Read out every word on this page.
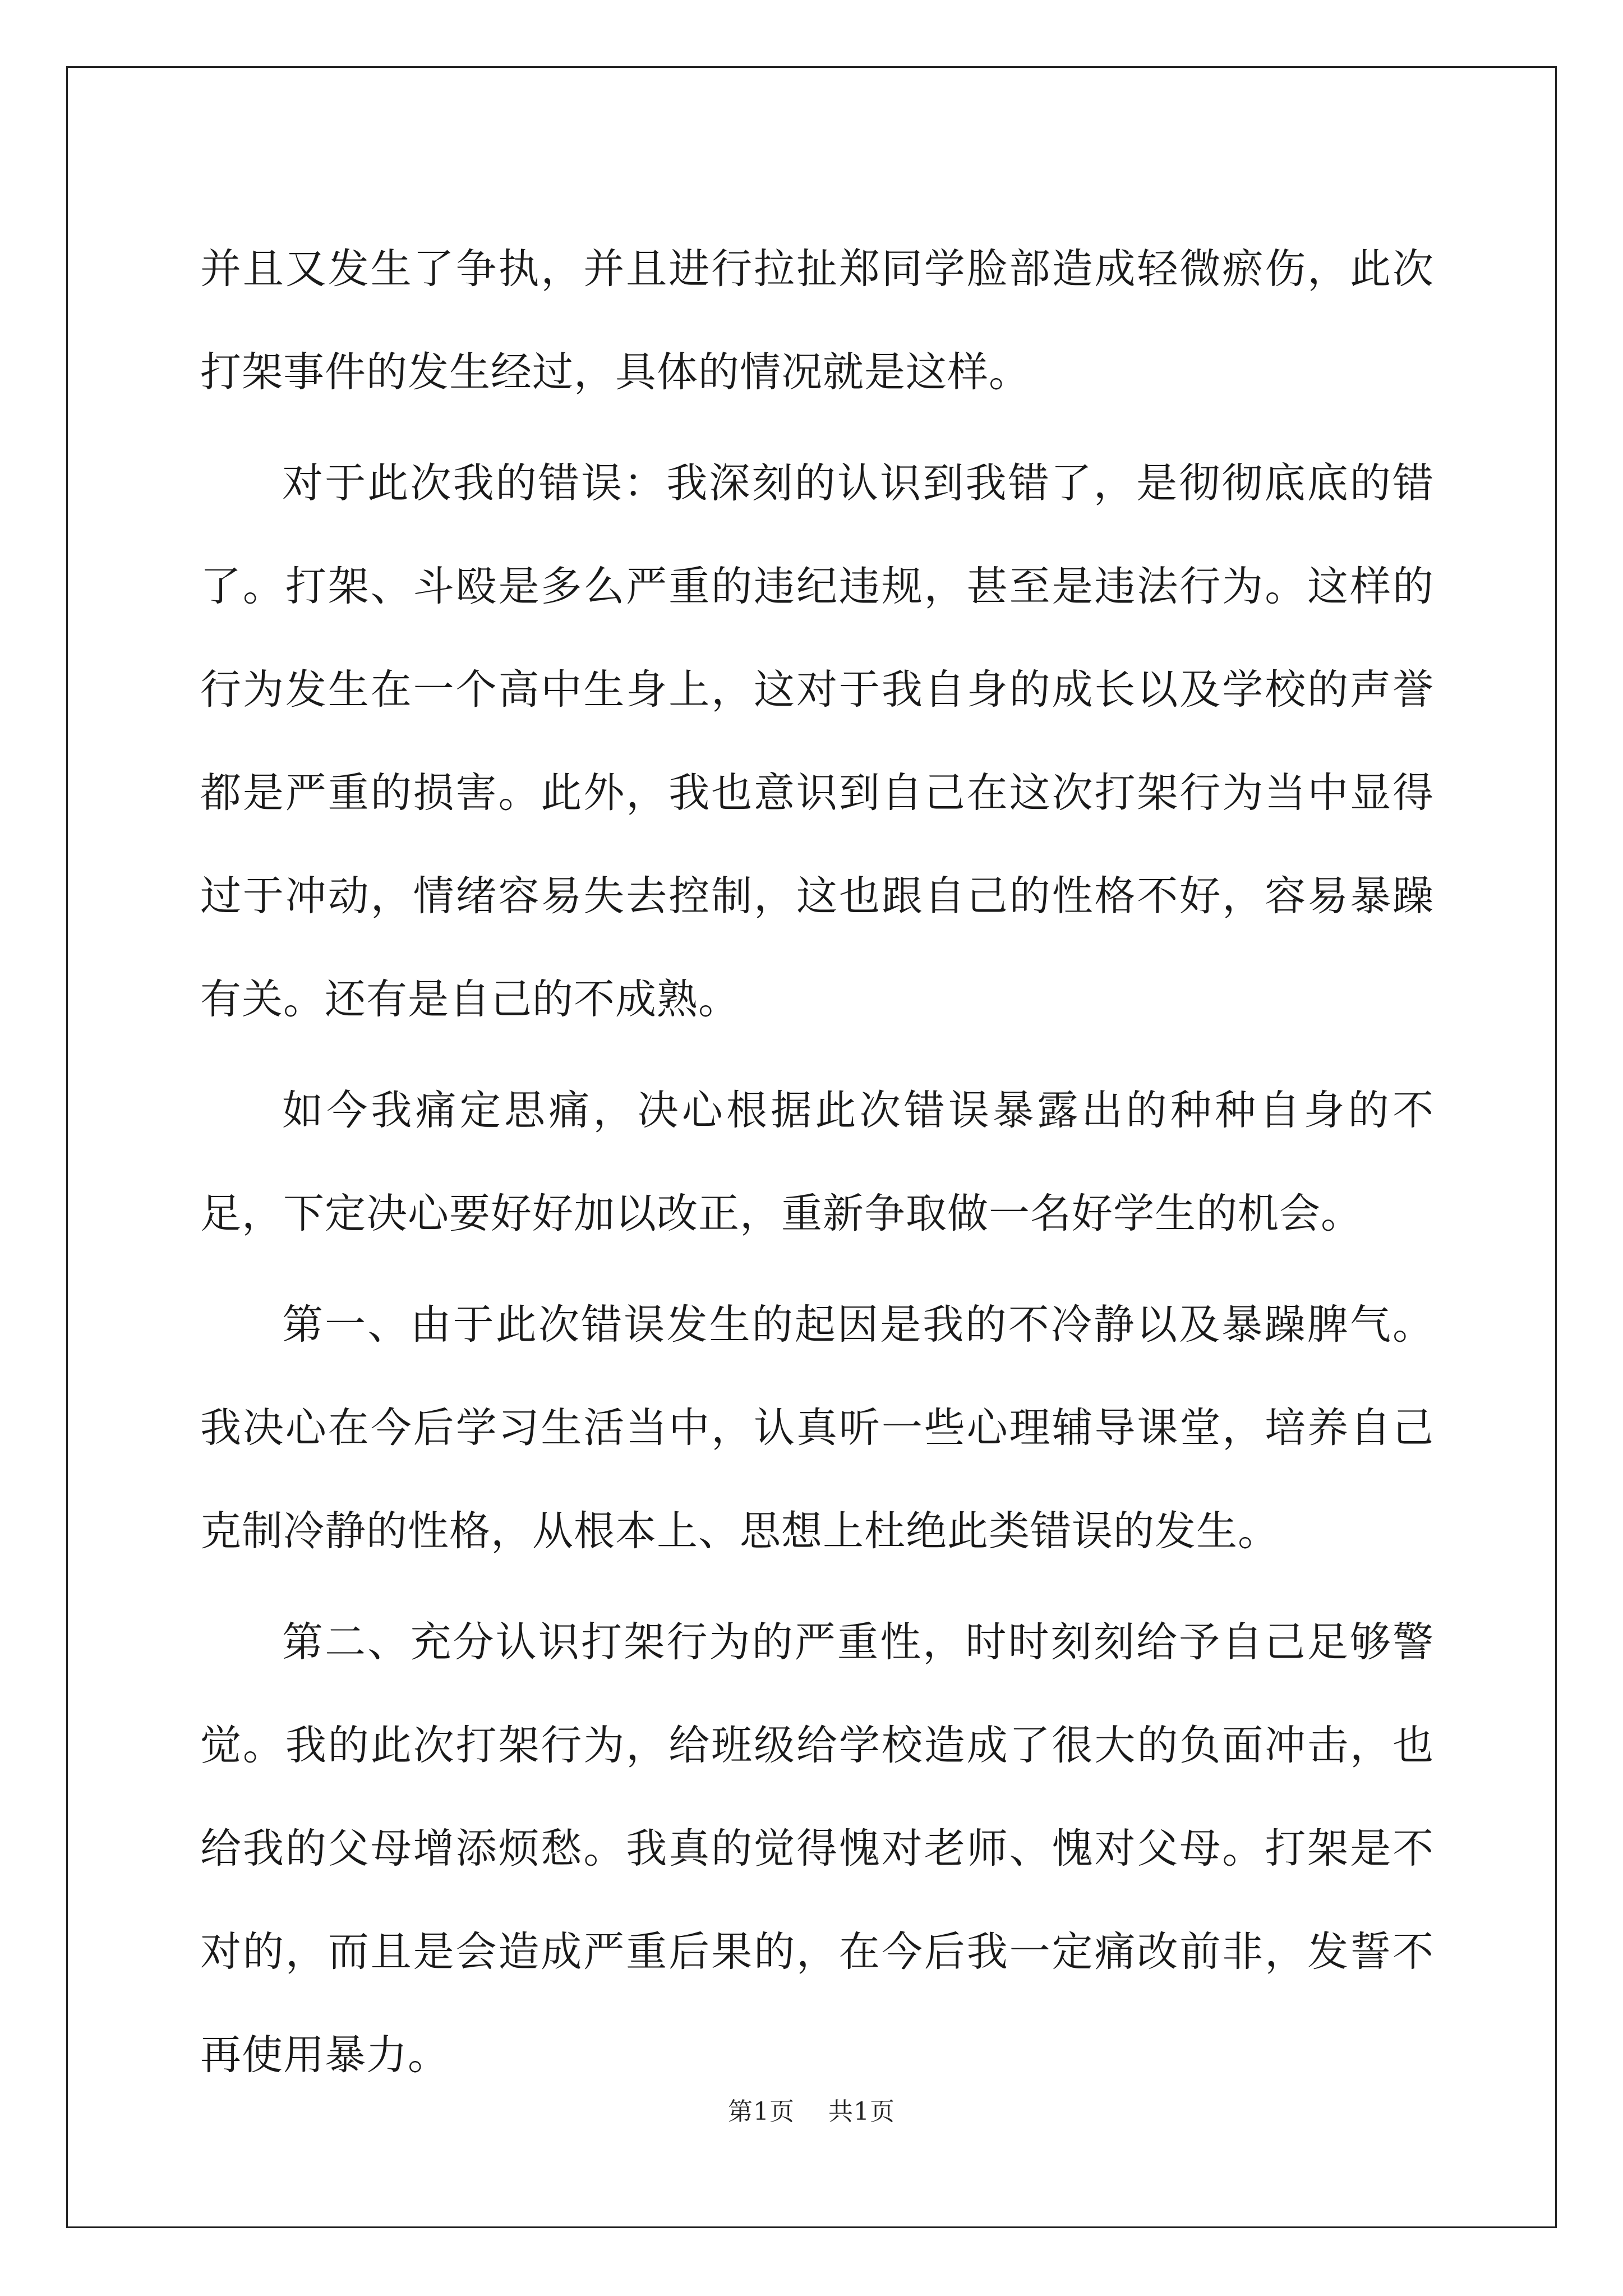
并且又发生了争执，并且进行拉扯郑同学脸部造成轻微瘀伤，此次打架事件的发生经过，具体的情况就是这样。

对于此次我的错误：我深刻的认识到我错了，是彻彻底底的错了。打架、斗殴是多么严重的违纪违规，甚至是违法行为。这样的行为发生在一个高中生身上，这对于我自身的成长以及学校的声誉都是严重的损害。此外，我也意识到自己在这次打架行为当中显得过于冲动，情绪容易失去控制，这也跟自己的性格不好，容易暴躁有关。还有是自己的不成熟。

如今我痛定思痛，决心根据此次错误暴露出的种种自身的不足，下定决心要好好加以改正，重新争取做一名好学生的机会。

第一、由于此次错误发生的起因是我的不冷静以及暴躁脾气。我决心在今后学习生活当中，认真听一些心理辅导课堂，培养自己克制冷静的性格，从根本上、思想上杜绝此类错误的发生。

第二、充分认识打架行为的严重性，时时刻刻给予自己足够警觉。我的此次打架行为，给班级给学校造成了很大的负面冲击，也给我的父母增添烦愁。我真的觉得愧对老师、愧对父母。打架是不对的，而且是会造成严重后果的，在今后我一定痛改前非，发誓不再使用暴力。

第1页 共1页
